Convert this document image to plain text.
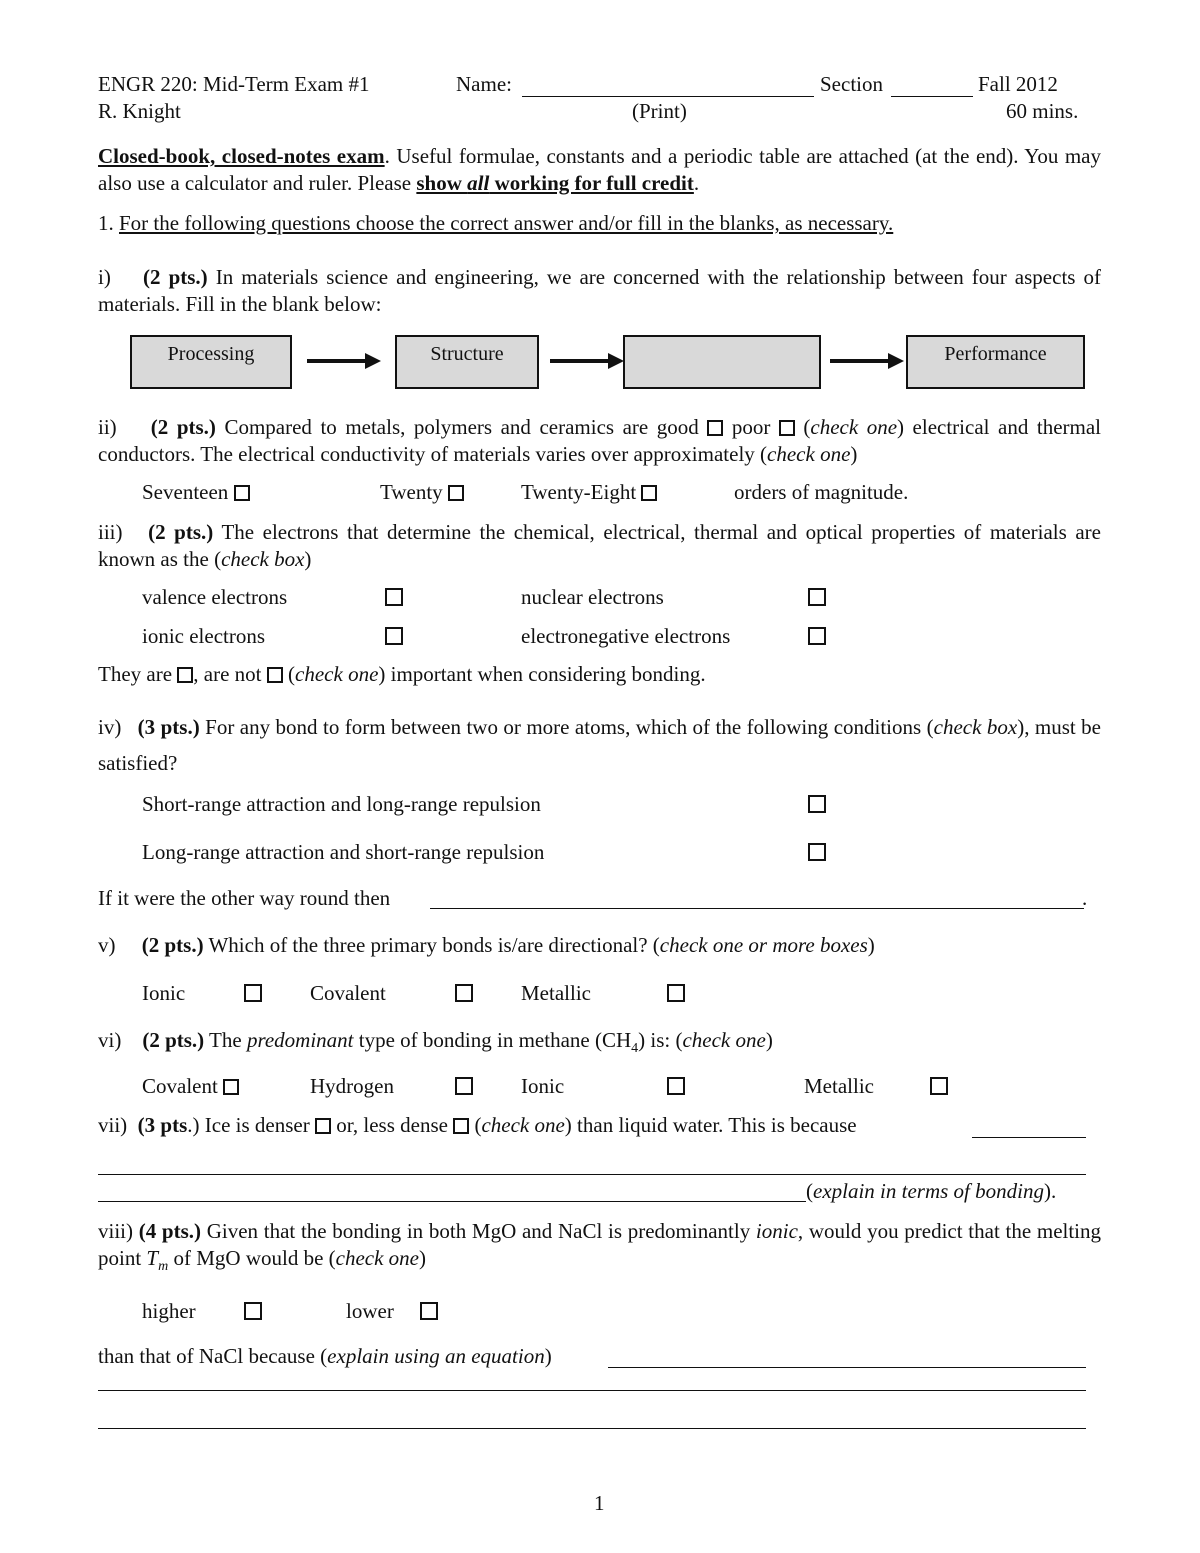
ENGR 220: Mid-Term Exam #1	Name:	Section	Fall 2012
R. Knight	(Print)	60 mins.
Closed-book, closed-notes exam. Useful formulae, constants and a periodic table are attached (at the end). You may also use a calculator and ruler. Please show all working for full credit.
1. For the following questions choose the correct answer and/or fill in the blanks, as necessary.
i) (2 pts.) In materials science and engineering, we are concerned with the relationship between four aspects of materials. Fill in the blank below:
Processing	Structure	Performance
ii) (2 pts.) Compared to metals, polymers and ceramics are good  poor  (check one) electrical and thermal conductors. The electrical conductivity of materials varies over approximately (check one)
Seventeen	Twenty	Twenty-Eight	orders of magnitude.
iii) (2 pts.) The electrons that determine the chemical, electrical, thermal and optical properties of materials are known as the (check box)
valence electrons	nuclear electrons
ionic electrons	electronegative electrons
They are , are not  (check one) important when considering bonding.
iv) (3 pts.) For any bond to form between two or more atoms, which of the following conditions (check box), must be satisfied?
Short-range attraction and long-range repulsion
Long-range attraction and short-range repulsion
If it were the other way round then	.
v) (2 pts.) Which of the three primary bonds is/are directional? (check one or more boxes)
Ionic	Covalent	Metallic
vi) (2 pts.) The predominant type of bonding in methane $(CH_4)$ is: (check one)
Covalent	Hydrogen	Ionic	Metallic
vii) (3 pts.) Ice is denser  or, less dense  (check one) than liquid water. This is because
(explain in terms of bonding).
viii) (4 pts.) Given that the bonding in both MgO and NaCl is predominantly ionic, would you predict that the melting point $T_m$ of MgO would be (check one)
higher	lower
than that of NaCl because (explain using an equation)
1
